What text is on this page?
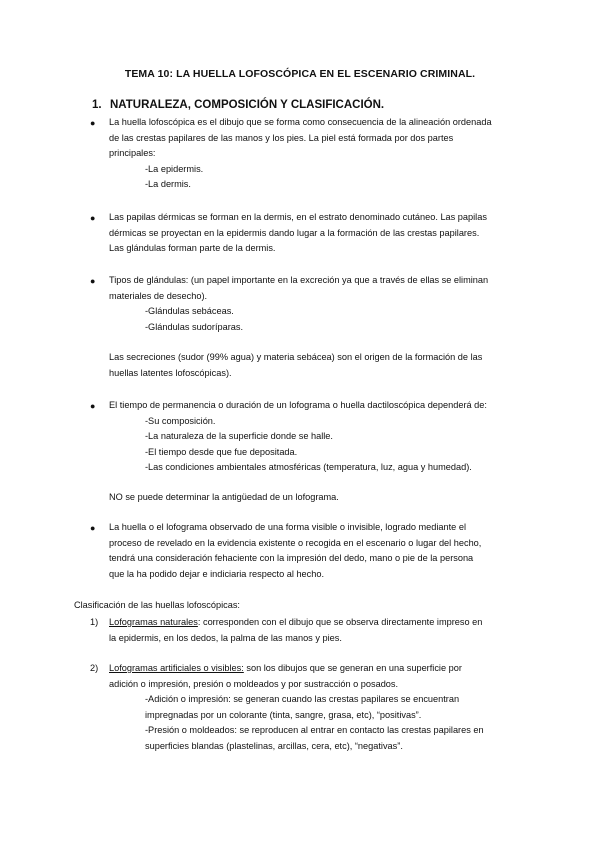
TEMA 10: LA HUELLA LOFOSCÓPICA EN EL ESCENARIO CRIMINAL.
1. NATURALEZA, COMPOSICIÓN Y CLASIFICACIÓN.
● La huella lofoscópica es el dibujo que se forma como consecuencia de la alineación ordenada
de las crestas papilares de las manos y los pies. La piel está formada por dos partes
principales:
-La epidermis.
-La dermis.
● Las papilas dérmicas se forman en la dermis, en el estrato denominado cutáneo. Las papilas
dérmicas se proyectan en la epidermis dando lugar a la formación de las crestas papilares.
Las glándulas forman parte de la dermis.
● Tipos de glándulas: (un papel importante en la excreción ya que a través de ellas se eliminan
materiales de desecho).
-Glándulas sebáceas.
-Glándulas sudoríparas.
Las secreciones (sudor (99% agua) y materia sebácea) son el origen de la formación de las
huellas latentes lofoscópicas).
● El tiempo de permanencia o duración de un lofograma o huella dactiloscópica dependerá de:
-Su composición.
-La naturaleza de la superficie donde se halle.
-El tiempo desde que fue depositada.
-Las condiciones ambientales atmosféricas (temperatura, luz, agua y humedad).
NO se puede determinar la antigüedad de un lofograma.
● La huella o el lofograma observado de una forma visible o invisible, logrado mediante el
proceso de revelado en la evidencia existente o recogida en el escenario o lugar del hecho,
tendrá una consideración fehaciente con la impresión del dedo, mano o pie de la persona
que la ha podido dejar e indiciaria respecto al hecho.
Clasificación de las huellas lofoscópicas:
1) Lofogramas naturales: corresponden con el dibujo que se observa directamente impreso en
la epidermis, en los dedos, la palma de las manos y pies.
2) Lofogramas artificiales o visibles: son los dibujos que se generan en una superficie por
adición o impresión, presión o moldeados y por sustracción o posados.
-Adición o impresión: se generan cuando las crestas papilares se encuentran
impregnadas por un colorante (tinta, sangre, grasa, etc), “positivas”.
-Presión o moldeados: se reproducen al entrar en contacto las crestas papilares en
superficies blandas (plastelinas, arcillas, cera, etc), “negativas”.
